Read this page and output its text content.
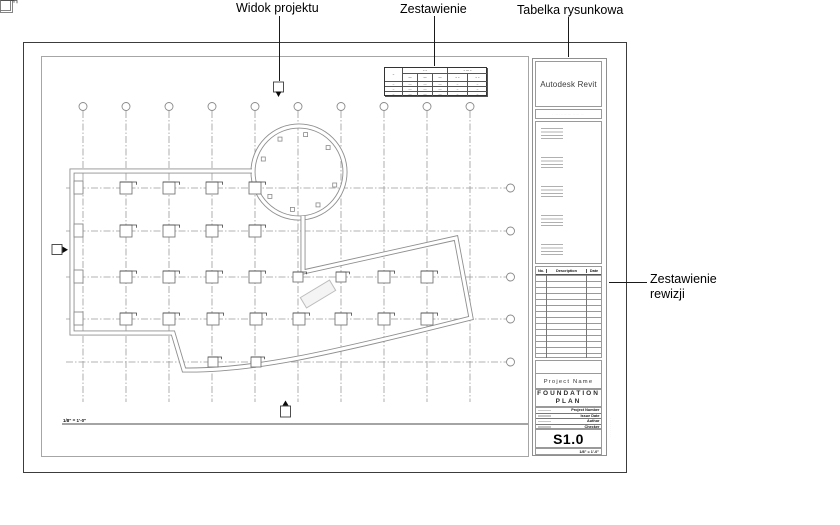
1/8" = 1'-0"
–
– –	– — –
––	––	––	– –	– –
–	––	––	––	–	–
–	––	––	––	–	–
–	––	––	––	–	–
Autodesk Revit
· ···· ········ ····· ···
No.	Description	Date
Project Name
FOUNDATION
PLAN
Project Number
Issue Date
Author
Checker
S1.0
1/8" = 1'-0"
··········
Widok projektu	Zestawienie	Tabelka rysunkowa
Zestawienie
rewizji
